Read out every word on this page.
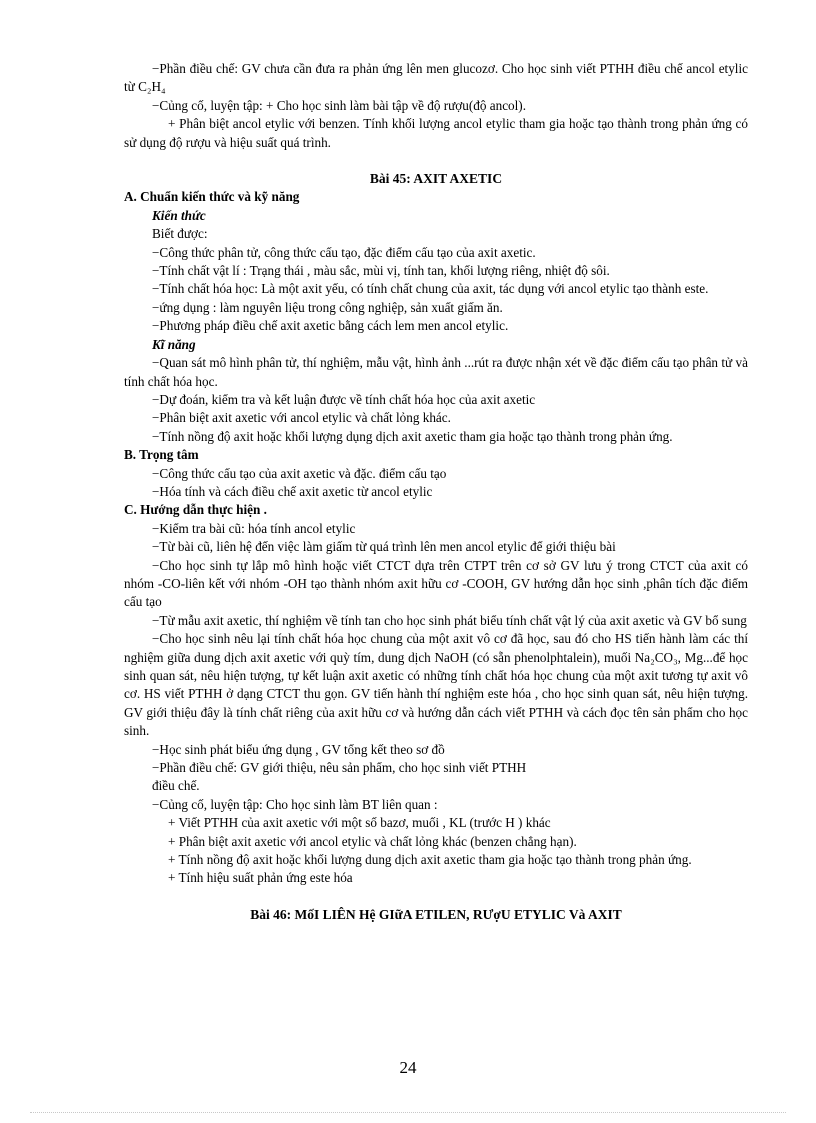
−Phần điều chế: GV chưa cần đưa ra phản ứng lên men glucozơ. Cho học sinh viết PTHH điều chế ancol etylic từ C₂H₄

−Củng cố, luyện tập: + Cho học sinh làm bài tập về độ rượu(độ ancol).

+ Phân biệt ancol etylic với benzen. Tính khối lượng ancol etylic tham gia hoặc tạo thành trong phản ứng có sử dụng độ rượu và hiệu suất quá trình.

Bài 45: AXIT AXETIC

A. Chuẩn kiến thức và kỹ năng

Kiến thức

Biết được:

−Công thức phân tử, công thức cấu tạo, đặc điểm cấu tạo của axit axetic.

−Tính chất vật lí : Trạng thái , màu sắc, mùi vị, tính tan, khối lượng riêng, nhiệt độ sôi.

−Tính chất hóa học: Là một axit yếu, có tính chất chung của axit, tác dụng với ancol etylic tạo thành este.

−ứng dụng : làm nguyên liệu trong công nghiệp, sản xuất giấm ăn.

−Phương pháp điều chế axit axetic bằng cách lem men ancol etylic.

Kĩ năng

−Quan sát mô hình phân tử, thí nghiệm, mẫu vật, hình ảnh ...rút ra được nhận xét về đặc điểm cấu tạo phân tử và tính chất hóa học.

−Dự đoán, kiểm tra và kết luận được về tính chất hóa học của axit axetic

−Phân biệt axit axetic với ancol etylic và chất lỏng khác.

−Tính nồng độ axit hoặc khối lượng dụng dịch axit axetic tham gia hoặc tạo thành trong phản ứng.

B. Trọng tâm

−Công thức cấu tạo của axit axetic và đặc. điểm cấu tạo

−Hóa tính và cách điều chế axit axetic từ ancol etylic

C. Hướng dẫn thực hiện .

−Kiểm tra bài cũ: hóa tính ancol etylic

−Từ bài cũ, liên hệ đến việc làm giấm từ quá trình lên men ancol etylic để giới thiệu bài

−Cho học sinh tự lắp mô hình hoặc viết CTCT dựa trên CTPT trên cơ sở GV lưu ý trong CTCT của axit có nhóm -CO-liên kết với nhóm -OH tạo thành nhóm axit hữu cơ -COOH, GV hướng dẫn học sinh ,phân tích đặc điểm cấu tạo

−Từ mẫu axit axetic, thí nghiệm về tính tan cho học sinh phát biểu tính chất vật lý của axit axetic và GV bổ sung

−Cho học sinh nêu lại tính chất hóa học chung của một axit vô cơ đã học, sau đó cho HS tiến hành làm các thí nghiệm giữa dung dịch axit axetic với quỳ tím, dung dịch NaOH (có sẵn phenolphtalein), muối Na₂CO₃, Mg...để học sinh quan sát, nêu hiện tượng, tự kết luận axit axetic có những tính chất hóa học chung của một axit tương tự axit vô cơ. HS viết PTHH ở dạng CTCT thu gọn. GV tiến hành thí nghiệm este hóa , cho học sinh quan sát, nêu hiện tượng. GV giới thiệu đây là tính chất riêng của axit hữu cơ và hướng dẫn cách viết PTHH và cách đọc tên sản phẩm cho học sinh.

−Học sinh phát biểu ứng dụng , GV tổng kết theo sơ đồ

−Phần điều chế: GV giới thiệu, nêu sản phẩm, cho học sinh viết PTHH

điều chế.

−Củng cố, luyện tập: Cho học sinh làm BT liên quan :

+ Viết PTHH của axit axetic với một số bazơ, muối , KL (trước H ) khác

+ Phân biệt axit axetic với ancol etylic và chất lỏng khác (benzen chẳng hạn).

+ Tính nồng độ axit hoặc khối lượng dung dịch axit axetic tham gia hoặc tạo thành trong phản ứng.

+ Tính hiệu suất phản ứng este hóa

Bài 46: MốI LIÊN Hệ GIữA ETILEN, RƯợU ETYLIC Và AXIT

24
